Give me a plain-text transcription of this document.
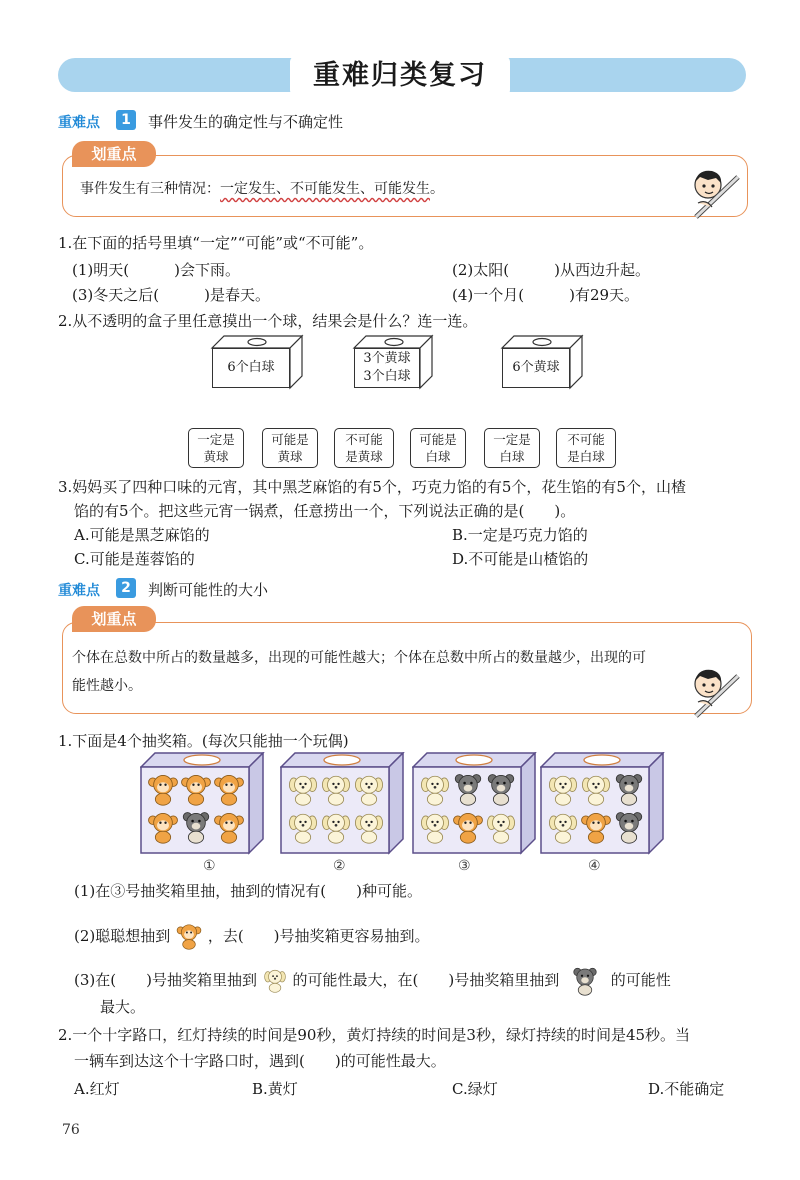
重难归类复习
重难点	1	事件发生的确定性与不确定性
划重点
事件发生有三种情况：一定发生、不可能发生、可能发生。
1.在下面的括号里填“一定”“可能”或“不可能”。
(1)明天(　　　)会下雨。	(2)太阳(　　　)从西边升起。
(3)冬天之后(　　　)是春天。	(4)一个月(　　　)有29天。
2.从不透明的盒子里任意摸出一个球，结果会是什么？连一连。
6个白球
3个黄球
3个白球
6个黄球
一定是
黄球
可能是
黄球
不可能
是黄球
可能是
白球
一定是
白球
不可能
是白球
3.妈妈买了四种口味的元宵，其中黑芝麻馅的有5个，巧克力馅的有5个，花生馅的有5个，山楂
馅的有5个。把这些元宵一锅煮，任意捞出一个，下列说法正确的是(　　)。
A.可能是黑芝麻馅的	B.一定是巧克力馅的
C.可能是莲蓉馅的	D.不可能是山楂馅的
重难点	2	判断可能性的大小
划重点
个体在总数中所占的数量越多，出现的可能性越大；个体在总数中所占的数量越少，出现的可
能性越小。
1.下面是4个抽奖箱。(每次只能抽一个玩偶)
①	②	③	④
(1)在③号抽奖箱里抽，抽到的情况有(　　)种可能。
(2)聪聪想抽到	，去(　　)号抽奖箱更容易抽到。
(3)在(　　)号抽奖箱里抽到 的可能性最大，在(　　)号抽奖箱里抽到	的可能性
最大。
2.一个十字路口，红灯持续的时间是90秒，黄灯持续的时间是3秒，绿灯持续的时间是45秒。当
一辆车到达这个十字路口时，遇到(　　)的可能性最大。
A.红灯	B.黄灯	C.绿灯	D.不能确定
76
